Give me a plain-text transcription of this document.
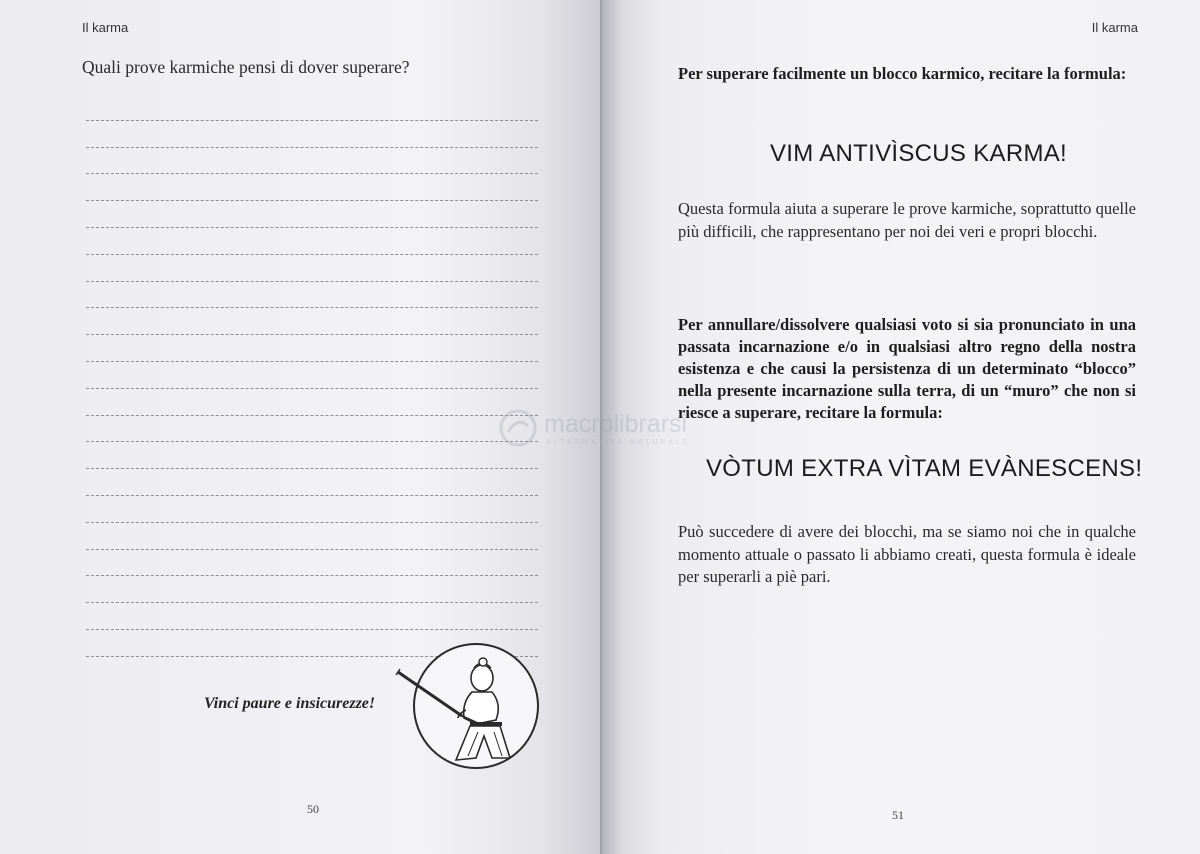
Il karma
Quali prove karmiche pensi di dover superare?
Vinci paure e insicurezze!
50
Il karma
Per superare facilmente un blocco karmico, recitare la formula:
VIM ANTIVÌSCUS KARMA!
Questa formula aiuta a superare le prove karmiche, soprattutto quelle più difficili, che rappresentano per noi dei veri e propri blocchi.
Per annullare/dissolvere qualsiasi voto si sia pronunciato in una passata incarnazione e/o in qualsiasi altro regno della nostra esistenza e che causi la persistenza di un determinato “blocco” nella presente incarnazione sulla terra, di un “muro” che non si riesce a superare, recitare la formula:
VÒTUM EXTRA VÌTAM EVÀNESCENS!
Può succedere di avere dei blocchi, ma se siamo noi che in qualche momento attuale o passato li abbiamo creati, questa formula è ideale per superarli a piè pari.
51
macrolibrarsi
ALTERNATIVA NATURALE
